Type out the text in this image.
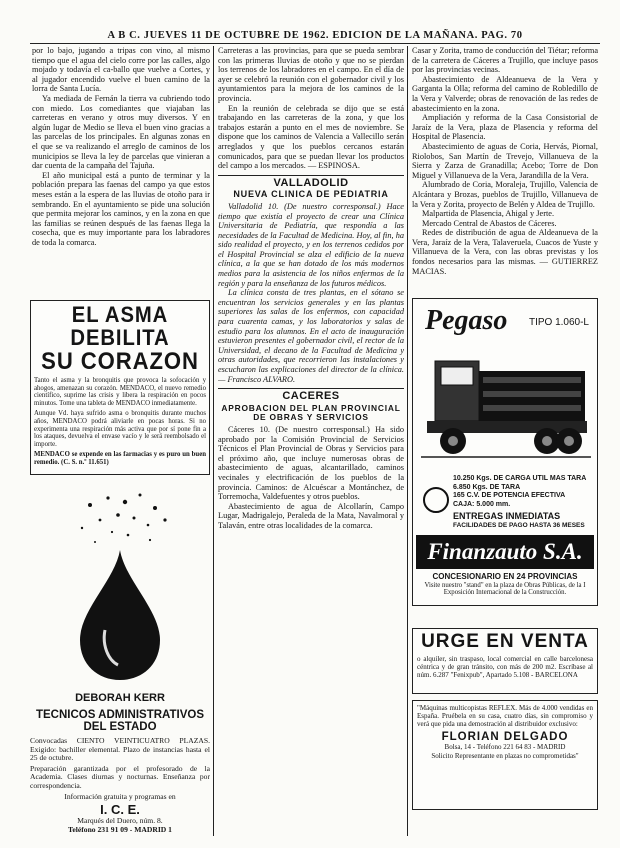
A B C. JUEVES 11 DE OCTUBRE DE 1962. EDICION DE LA MAÑANA. PAG. 70

por lo bajo, jugando a tripas con vino, al mismo tiempo que el agua del cielo corre por las calles, algo mojado y todavía el ca-ballo que vuelve a Cortes, y al jugador encendido vuelve el buen camino de la lorra de Santa Lucía.

Ya mediada de Fernán la tierra va cubriendo todo con miedo. Los comediantes que viajaban las carreteras en verano y otros muy diversos. Y en algún lugar de Medio se lleva el buen vino gracias a las parcelas de los principales. En algunas zonas en el que se va realizando el arreglo de caminos de los municipios se lleva la ley de parcelas que vinieran a dar cuenta de la campaña del Tajuña.

El año municipal está a punto de terminar y la población prepara las faenas del campo ya que estos meses están a la espera de las lluvias de otoño para ir sembrando. En el ayuntamiento se pide una solución que permita mejorar los caminos, y en la zona en que las familias se reúnen después de las faenas llega la cosecha, que es muy importante para los labradores de toda la comarca.

EL ASMA DEBILITA
SU CORAZON
Tanto el asma y la bronquitis que provoca la sofocación y ahogos, amenazan su corazón. MENDACO, el nuevo remedio científico, suprime las crisis y libera la respiración en pocos minutos. Tome una tableta de MENDACO inmediatamente.
Aunque Vd. haya sufrido asma o bronquitis durante muchos años, MENDACO podrá aliviarle en pocas horas. Si no experimenta una respiración más activa que por sí pone fin a los ataques, devuelva el envase vacío y le será reembolsado el importe.
MENDACO se expende en las farmacias y es puro un buen remedio. (C. S. n.º 11.651)
DEBORAH KERR
TECNICOS ADMINISTRATIVOS
DEL ESTADO
Convocadas CIENTO VEINTICUATRO PLAZAS. Exigido: bachiller elemental. Plazo de instancias hasta el 25 de octubre.
Preparación garantizada por el profesorado de la Academia. Clases diurnas y nocturnas. Enseñanza por correspondencia.
Información gratuita y programas en
I. C. E.
Marqués del Duero, núm. 8.
Teléfono 231 91 09 - MADRID 1

Carreteras a las provincias, para que se pueda sembrar con las primeras lluvias de otoño y que no se pierdan los terrenos de los labradores en el campo. En el día de ayer se celebró la reunión con el gobernador civil y los ayuntamientos para la mejora de los caminos de la provincia.

En la reunión de celebrada se dijo que se está trabajando en las carreteras de la zona, y que los trabajos estarán a punto en el mes de noviembre. Se dispone que los caminos de Valencia a Vallecillo serán arreglados y que los pueblos cercanos estarán comunicados, para que se puedan llevar los productos del campo a los mercados. — ESPINOSA.

VALLADOLID
NUEVA CLINICA DE PEDIATRIA

Valladolid 10. (De nuestro corresponsal.) Hace tiempo que existía el proyecto de crear una Clínica Universitaria de Pediatría, que respondía a las necesidades de la Facultad de Medicina. Hoy, al fin, ha sido realidad el proyecto, y en los terrenos cedidos por el Hospital Provincial se alza el edificio de la nueva clínica, a la que se han dotado de los más modernos medios para la asistencia de los niños enfermos de la región y para la enseñanza de los futuros médicos.

La clínica consta de tres plantas, en el sótano se encuentran los servicios generales y en las plantas superiores las salas de los enfermos, con capacidad para cuarenta camas, y los laboratorios y salas de estudio para los alumnos. En el acto de inauguración estuvieron presentes el gobernador civil, el rector de la Universidad, el decano de la Facultad de Medicina y otras autoridades, que recorrieron las instalaciones y escucharon las explicaciones del director de la clínica. — Francisco ALVARO.

CACERES
APROBACION DEL PLAN PROVINCIAL DE OBRAS Y SERVICIOS

Cáceres 10. (De nuestro corresponsal.) Ha sido aprobado por la Comisión Provincial de Servicios Técnicos el Plan Provincial de Obras y Servicios para el próximo año, que incluye numerosas obras de abastecimiento de aguas, alcantarillado, caminos vecinales y electrificación de los pueblos de la provincia. Caminos: de Alcuéscar a Montánchez, de Torremocha, Valdefuentes y otros pueblos.

Abastecimiento de agua de Alcollarín, Campo Lugar, Madrigalejo, Peraleda de la Mata, Navalmoral y Talaván, entre otras localidades de la comarca.

Casar y Zorita, tramo de conducción del Tiétar; reforma de la carretera de Cáceres a Trujillo, que incluye pasos por las provincias vecinas.

Abastecimiento de Aldeanueva de la Vera y Garganta la Olla; reforma del camino de Robledillo de la Vera y Valverde; obras de renovación de las redes de abastecimiento en la zona.

Ampliación y reforma de la Casa Consistorial de Jaraíz de la Vera, plaza de Plasencia y reforma del Hospital de Plasencia.

Abastecimiento de aguas de Coria, Hervás, Piornal, Riolobos, San Martín de Trevejo, Villanueva de la Sierra y Zarza de Granadilla; Acebo; Torre de Don Miguel y Villanueva de la Vera, Jarandilla de la Vera.

Alumbrado de Coria, Moraleja, Trujillo, Valencia de Alcántara y Brozas, pueblos de Trujillo, Villanueva de la Vera y Zorita, proyecto de Belén y Aldea de Trujillo.

Malpartida de Plasencia, Ahigal y Jerte.

Mercado Central de Abastos de Cáceres.

Redes de distribución de agua de Aldeanueva de la Vera, Jaraíz de la Vera, Talaveruela, Cuacos de Yuste y Villanueva de la Vera, con las obras previstas y los fondos necesarios para las mismas. — GUTIERREZ MACIAS.

Pegaso TIPO 1.060-L
10.250 Kgs. DE CARGA UTIL MAS TARA
6.850 Kgs. DE TARA
165 C.V. DE POTENCIA EFECTIVA
CAJA: 5.000 mm.
ENTREGAS INMEDIATAS
FACILIDADES DE PAGO HASTA 36 MESES
Finanzauto S.A.
CONCESIONARIO EN 24 PROVINCIAS
Visite nuestro "stand" en la plaza de Obras Públicas, de la I Exposición Internacional de la Construcción.
URGE EN VENTA
o alquiler, sin traspaso, local comercial en calle barcelonesa céntrica y de gran tránsito, con más de 200 m2. Escríbase al núm. 6.287 "Fenixpub", Apartado 5.108 - BARCELONA
"Máquinas multicopistas REFLEX. Más de 4.000 vendidas en España. Pruébela en su casa, cuatro días, sin compromiso y verá que pida una demostración al distribuidor exclusivo:
FLORIAN DELGADO
Bolsa, 14 - Teléfono 221 64 83 - MADRID
Solicito Representante en plazas no comprometidas"
